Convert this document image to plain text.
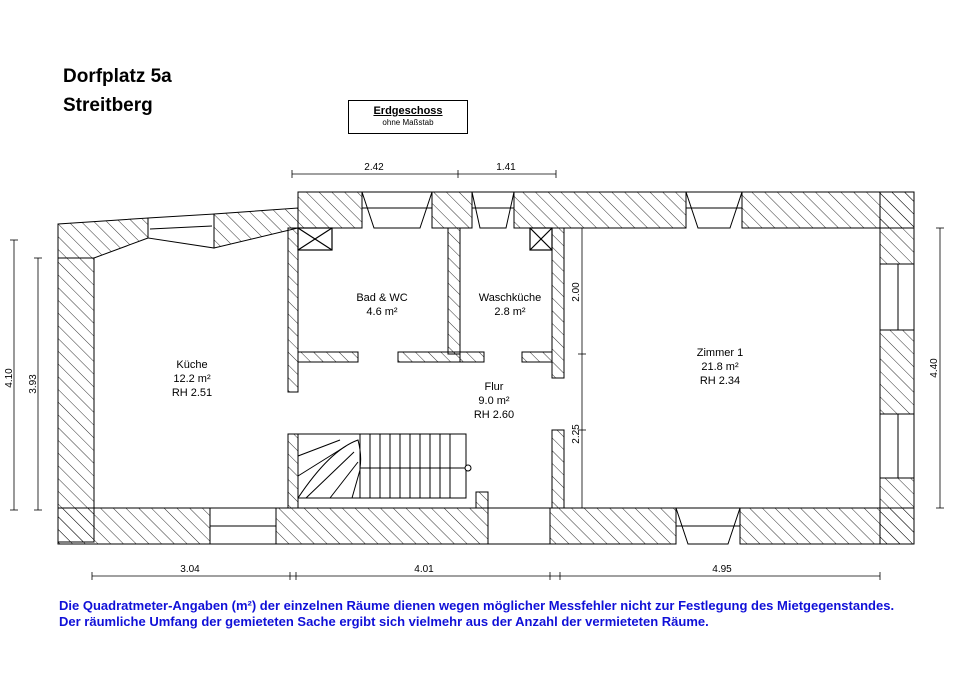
Dorfplatz 5a
Streitberg	Erdgeschoss
ohne Maßstab
2.42	1.41
4.10 3.93
4.40
2.00
2.25
3.04	4.01	4.95
Küche
12.2 m²
RH 2.51
Bad & WC
4.6 m²
Waschküche
2.8 m²
Flur
9.0 m²
RH 2.60
Zimmer 1
21.8 m²
RH 2.34
Die Quadratmeter-Angaben (m²) der einzelnen Räume dienen wegen möglicher Messfehler nicht zur Festlegung des Mietgegenstandes. Der räumliche Umfang der gemieteten Sache ergibt sich vielmehr aus der Anzahl der vermieteten Räume.
